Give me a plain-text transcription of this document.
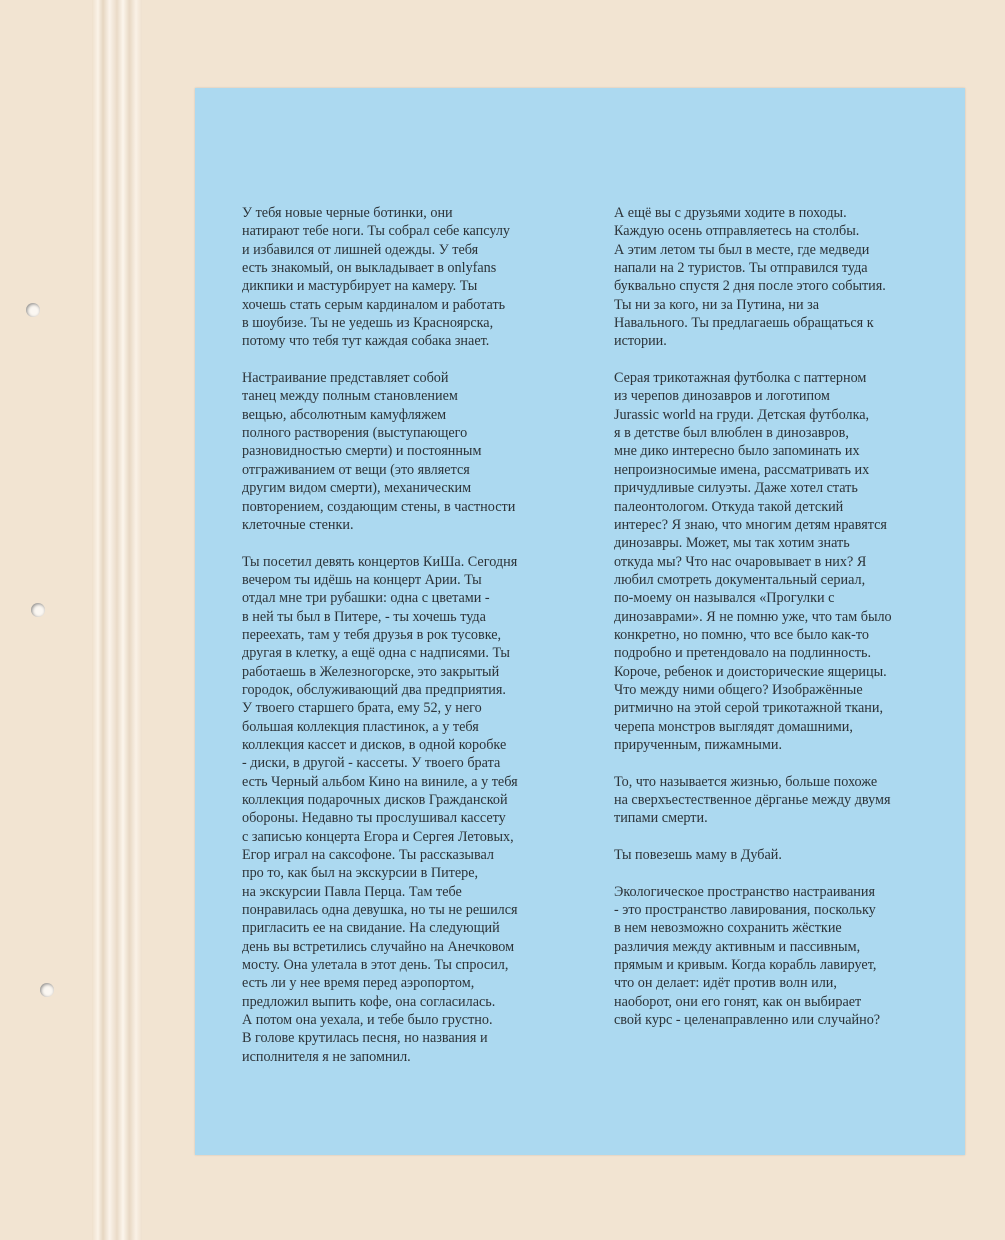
У тебя новые черные ботинки, они
натирают тебе ноги. Ты собрал себе капсулу
и избавился от лишней одежды. У тебя
есть знакомый, он выкладывает в onlyfans
дикпики и мастурбирует на камеру. Ты
хочешь стать серым кардиналом и работать
в шоубизе. Ты не уедешь из Красноярска,
потому что тебя тут каждая собака знает.
Настраивание представляет собой
танец между полным становлением
вещью, абсолютным камуфляжем
полного растворения (выступающего
разновидностью смерти) и постоянным
отграживанием от вещи (это является
другим видом смерти), механическим
повторением, создающим стены, в частности
клеточные стенки.
Ты посетил девять концертов КиШа. Сегодня
вечером ты идёшь на концерт Арии. Ты
отдал мне три рубашки: одна с цветами -
в ней ты был в Питере, - ты хочешь туда
переехать, там у тебя друзья в рок тусовке,
другая в клетку, а ещё одна с надписями. Ты
работаешь в Железногорске, это закрытый
городок, обслуживающий два предприятия.
У твоего старшего брата, ему 52, у него
большая коллекция пластинок, а у тебя
коллекция кассет и дисков, в одной коробке
- диски, в другой - кассеты. У твоего брата
есть Черный альбом Кино на виниле, а у тебя
коллекция подарочных дисков Гражданской
обороны. Недавно ты прослушивал кассету
с записью концерта Егора и Сергея Летовых,
Егор играл на саксофоне. Ты рассказывал
про то, как был на экскурсии в Питере,
на экскурсии Павла Перца. Там тебе
понравилась одна девушка, но ты не решился
пригласить ее на свидание. На следующий
день вы встретились случайно на Анечковом
мосту. Она улетала в этот день. Ты спросил,
есть ли у нее время перед аэропортом,
предложил выпить кофе, она согласилась.
А потом она уехала, и тебе было грустно.
В голове крутилась песня, но названия и
исполнителя я не запомнил.
А ещё вы с друзьями ходите в походы.
Каждую осень отправляетесь на столбы.
А этим летом ты был в месте, где медведи
напали на 2 туристов. Ты отправился туда
буквально спустя 2 дня после этого события.
Ты ни за кого, ни за Путина, ни за
Навального. Ты предлагаешь обращаться к
истории.
Серая трикотажная футболка с паттерном
из черепов динозавров и логотипом
Jurassic world на груди. Детская футболка,
я в детстве был влюблен в динозавров,
мне дико интересно было запоминать их
непроизносимые имена, рассматривать их
причудливые силуэты. Даже хотел стать
палеонтологом. Откуда такой детский
интерес? Я знаю, что многим детям нравятся
динозавры. Может, мы так хотим знать
откуда мы? Что нас очаровывает в них? Я
любил смотреть документальный сериал,
по-моему он назывался «Прогулки с
динозаврами». Я не помню уже, что там было
конкретно, но помню, что все было как-то
подробно и претендовало на подлинность.
Короче, ребенок и доисторические ящерицы.
Что между ними общего? Изображённые
ритмично на этой серой трикотажной ткани,
черепа монстров выглядят домашними,
прирученным, пижамными.
То, что называется жизнью, больше похоже
на сверхъестественное дёрганье между двумя
типами смерти.
Ты повезешь маму в Дубай.
Экологическое пространство настраивания
- это пространство лавирования, поскольку
в нем невозможно сохранить жёсткие
различия между активным и пассивным,
прямым и кривым. Когда корабль лавирует,
что он делает: идёт против волн или,
наоборот, они его гонят, как он выбирает
свой курс - целенаправленно или случайно?
